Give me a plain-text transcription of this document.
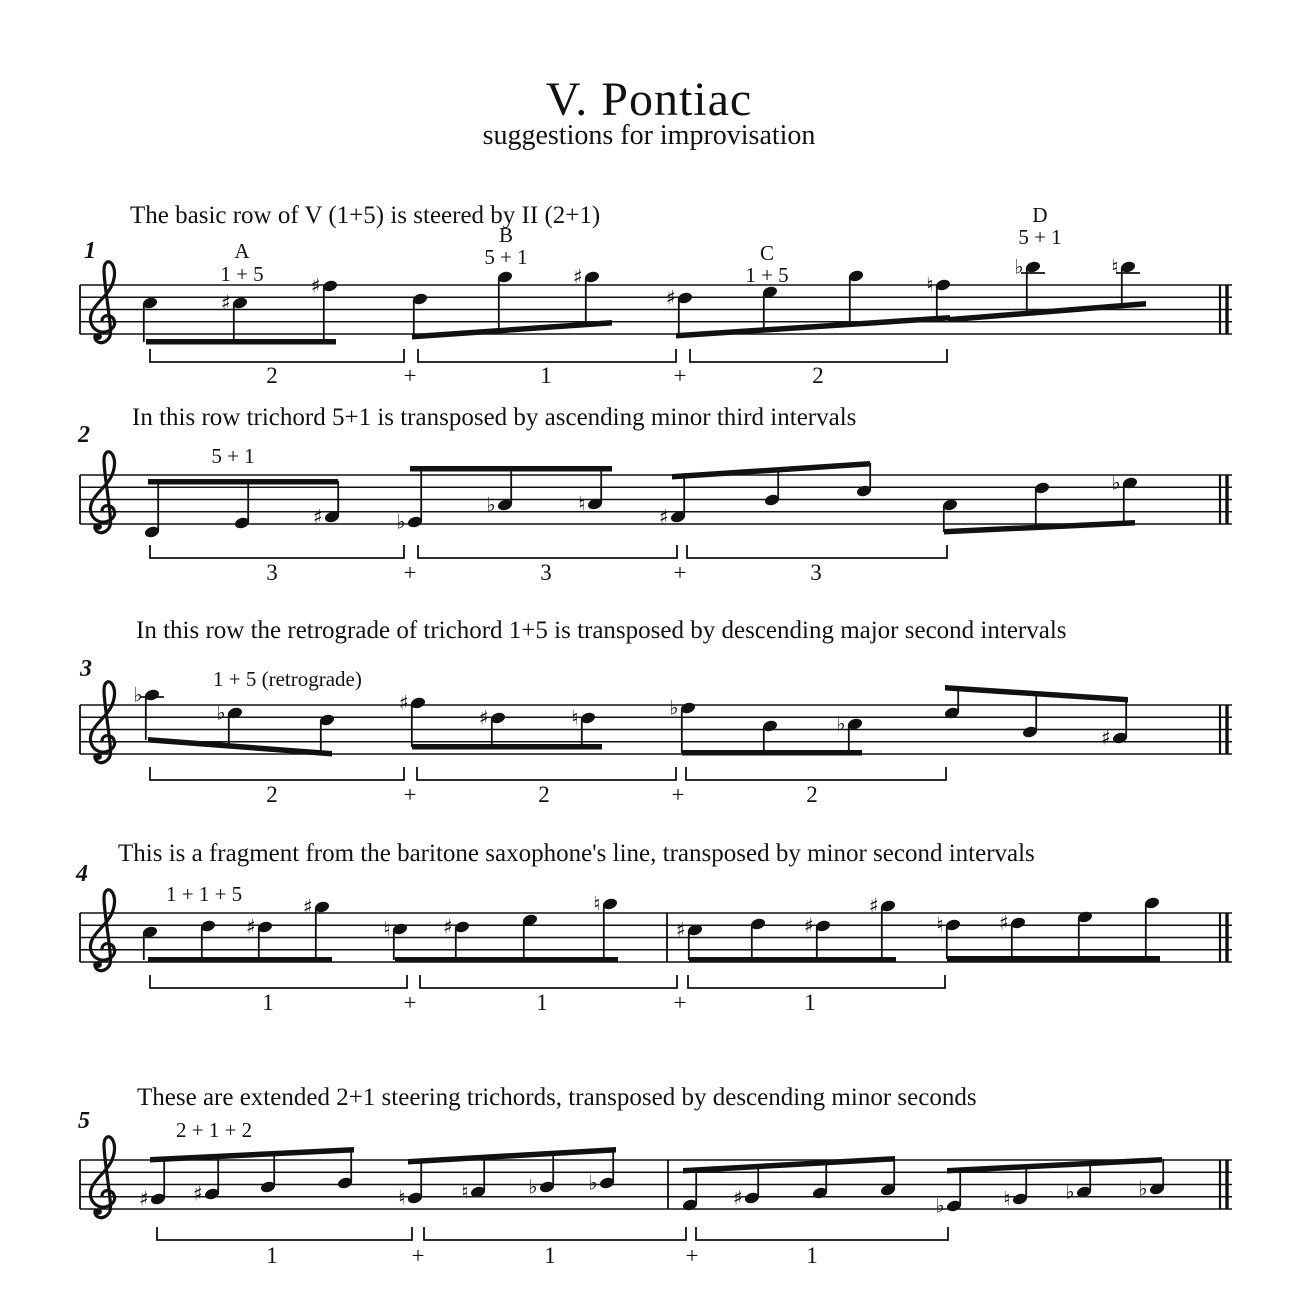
V. Pontiac
suggestions for improvisation
The basic row of V (1+5) is steered by II (2+1)
1
In this row trichord 5+1 is transposed by ascending minor third intervals
2
In this row the retrograde of trichord 1+5 is transposed by descending major second intervals
3
This is a fragment from the baritone saxophone's line, transposed by minor second intervals
4
These are extended 2+1 steering trichords, transposed by descending minor seconds
5
♯
♯	♯
♯
♮
♭	♮
A
1 + 5
B
5 + 1	C
1 + 5
D
5 + 1
2	+	1	+	2
♯	♭
♭	♮
♯
♭
5 + 1
3	+	3	+	3
♭
♭	♯
♯	♮	♭
♭
♯
1 + 5 (retrograde)
2	+	2	+	2
♯
♯
♮	♯
♮
♯	♯
♯
♮	♯
1 + 1 + 5
1	+	1	+	1
♯ ♯	♮	♮	♭	♭
♯	♭	♮	♭	♭
2 + 1 + 2
1	+	1	+	1
